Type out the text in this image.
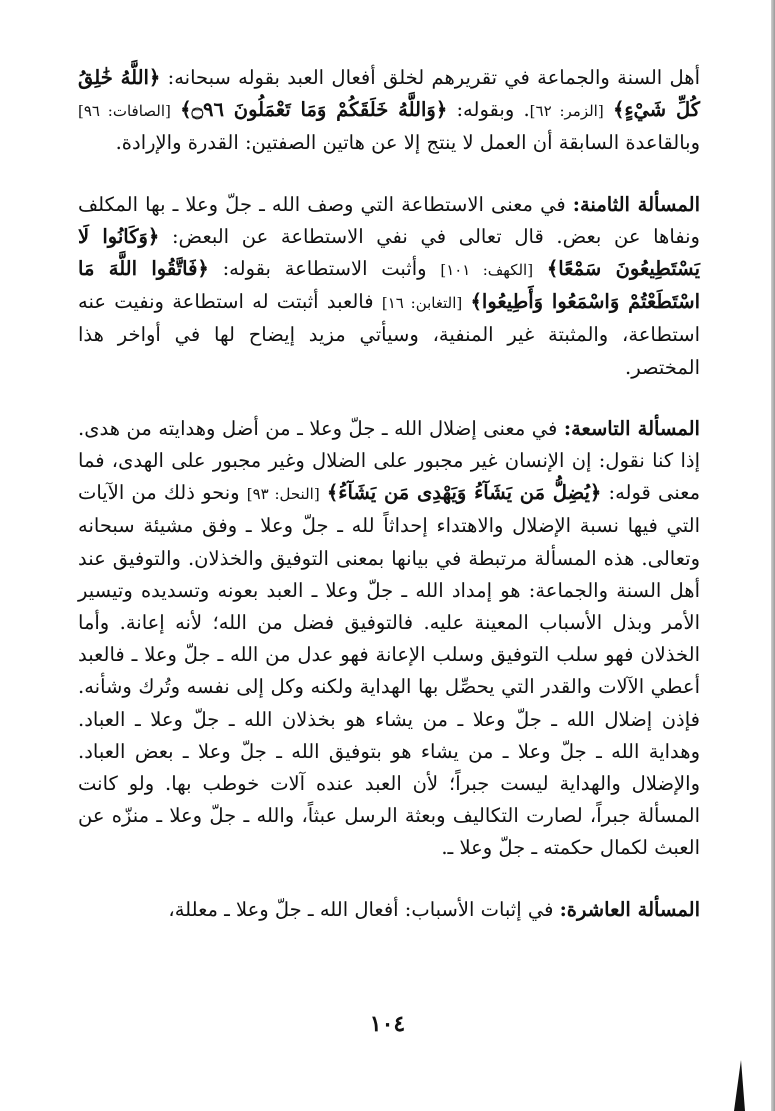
أهل السنة والجماعة في تقريرهم لخلق أفعال العبد بقوله سبحانه: ﴿اللَّهُ خَٰلِقُ كُلِّ شَيْءٍ﴾ [الزمر: ٦٢]. وبقوله: ﴿وَاللَّهُ خَلَقَكُمْ وَمَا تَعْمَلُونَ ۝٩٦﴾ [الصافات: ٩٦] وبالقاعدة السابقة أن العمل لا ينتج إلا عن هاتين الصفتين: القدرة والإرادة.

المسألة الثامنة: في معنى الاستطاعة التي وصف الله ـ جلّ وعلا ـ بها المكلف ونفاها عن بعض. قال تعالى في نفي الاستطاعة عن البعض: ﴿وَكَانُوا لَا يَسْتَطِيعُونَ سَمْعًا﴾ [الكهف: ١٠١] وأثبت الاستطاعة بقوله: ﴿فَاتَّقُوا اللَّهَ مَا اسْتَطَعْتُمْ وَاسْمَعُوا وَأَطِيعُوا﴾ [التغابن: ١٦] فالعبد أثبتت له استطاعة ونفيت عنه استطاعة، والمثبتة غير المنفية، وسيأتي مزيد إيضاح لها في أواخر هذا المختصر.

المسألة التاسعة: في معنى إضلال الله ـ جلّ وعلا ـ من أضل وهدايته من هدى. إذا كنا نقول: إن الإنسان غير مجبور على الضلال وغير مجبور على الهدى، فما معنى قوله: ﴿يُضِلُّ مَن يَشَآءُ وَيَهْدِى مَن يَشَآءُ﴾ [النحل: ٩٣] ونحو ذلك من الآيات التي فيها نسبة الإضلال والاهتداء إحداثاً لله ـ جلّ وعلا ـ وفق مشيئة سبحانه وتعالى. هذه المسألة مرتبطة في بيانها بمعنى التوفيق والخذلان. والتوفيق عند أهل السنة والجماعة: هو إمداد الله ـ جلّ وعلا ـ العبد بعونه وتسديده وتيسير الأمر وبذل الأسباب المعينة عليه. فالتوفيق فضل من الله؛ لأنه إعانة. وأما الخذلان فهو سلب التوفيق وسلب الإعانة فهو عدل من الله ـ جلّ وعلا ـ فالعبد أعطي الآلات والقدر التي يحصِّل بها الهداية ولكنه وكل إلى نفسه وتُرك وشأنه. فإذن إضلال الله ـ جلّ وعلا ـ من يشاء هو بخذلان الله ـ جلّ وعلا ـ العباد. وهداية الله ـ جلّ وعلا ـ من يشاء هو بتوفيق الله ـ جلّ وعلا ـ بعض العباد. والإضلال والهداية ليست جبراً؛ لأن العبد عنده آلات خوطب بها. ولو كانت المسألة جبراً، لصارت التكاليف وبعثة الرسل عبثاً، والله ـ جلّ وعلا ـ منزّه عن العبث لكمال حكمته ـ جلّ وعلا ـ.

المسألة العاشرة: في إثبات الأسباب: أفعال الله ـ جلّ وعلا ـ معللة،

١٠٤
